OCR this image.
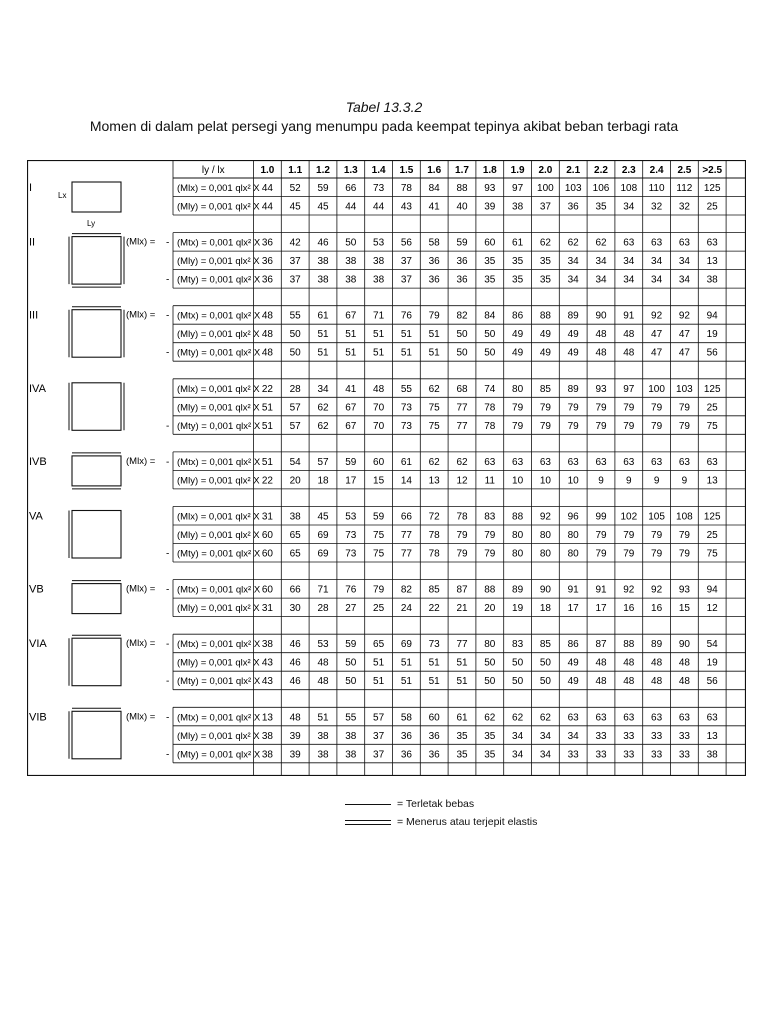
Tabel 13.3.2
Momen di dalam pelat persegi yang menumpu pada keempat tepinya akibat beban terbagi rata
ly / lx	1.0 1.1 1.2 1.3 1.4 1.5 1.6 1.7 1.8 1.9 2.0 2.1 2.2 2.3 2.4 2.5 >2.5
I
Lx
Ly
(Mlx) = 0,001 qlx² X 44 52 59 66 73 78 84 88 93 97 100 103 106 108 110 112 125
(Mly) = 0,001 qlx² X 44 45 45 44 44 43 41 40 39 38 37 36 35 34 32 32 25
II	(Mlx) = - (Mtx) = 0,001 qlx² X 36 42 46 50 53 56 58 59 60 61 62 62 62 63 63 63 63
(Mly) = 0,001 qlx² X 36 37 38 38 38 37 36 36 35 35 35 34 34 34 34 34 13
- (Mty) = 0,001 qlx² X 36 37 38 38 38 37 36 36 35 35 35 34 34 34 34 34 38
III	(Mlx) = - (Mtx) = 0,001 qlx² X 48 55 61 67 71 76 79 82 84 86 88 89 90 91 92 92 94
(Mly) = 0,001 qlx² X 48 50 51 51 51 51 51 50 50 49 49 49 48 48 47 47 19
- (Mty) = 0,001 qlx² X 48 50 51 51 51 51 51 50 50 49 49 49 48 48 47 47 56
IVA	(Mlx) = 0,001 qlx² X 22 28 34 41 48 55 62 68 74 80 85 89 93 97 100 103 125
(Mly) = 0,001 qlx² X 51 57 62 67 70 73 75 77 78 79 79 79 79 79 79 79 25
- (Mty) = 0,001 qlx² X 51 57 62 67 70 73 75 77 78 79 79 79 79 79 79 79 75
IVB	(Mlx) = - (Mtx) = 0,001 qlx² X 51 54 57 59 60 61 62 62 63 63 63 63 63 63 63 63 63
(Mly) = 0,001 qlx² X 22 20 18 17 15 14 13 12 11 10 10 10 9 9 9 9 13
VA	(Mlx) = 0,001 qlx² X 31 38 45 53 59 66 72 78 83 88 92 96 99 102 105 108 125
(Mly) = 0,001 qlx² X 60 65 69 73 75 77 78 79 79 80 80 80 79 79 79 79 25
- (Mty) = 0,001 qlx² X 60 65 69 73 75 77 78 79 79 80 80 80 79 79 79 79 75
VB	(Mlx) = - (Mtx) = 0,001 qlx² X 60 66 71 76 79 82 85 87 88 89 90 91 91 92 92 93 94
(Mly) = 0,001 qlx² X 31 30 28 27 25 24 22 21 20 19 18 17 17 16 16 15 12
VIA	(Mlx) = - (Mtx) = 0,001 qlx² X 38 46 53 59 65 69 73 77 80 83 85 86 87 88 89 90 54
(Mly) = 0,001 qlx² X 43 46 48 50 51 51 51 51 50 50 50 49 48 48 48 48 19
- (Mty) = 0,001 qlx² X 43 46 48 50 51 51 51 51 50 50 50 49 48 48 48 48 56
VIB	(Mlx) = - (Mtx) = 0,001 qlx² X 13 48 51 55 57 58 60 61 62 62 62 63 63 63 63 63 63
(Mly) = 0,001 qlx² X 38 39 38 38 37 36 36 35 35 34 34 34 33 33 33 33 13
- (Mty) = 0,001 qlx² X 38 39 38 38 37 36 36 35 35 34 34 33 33 33 33 33 38
= Terletak bebas
= Menerus atau terjepit elastis
